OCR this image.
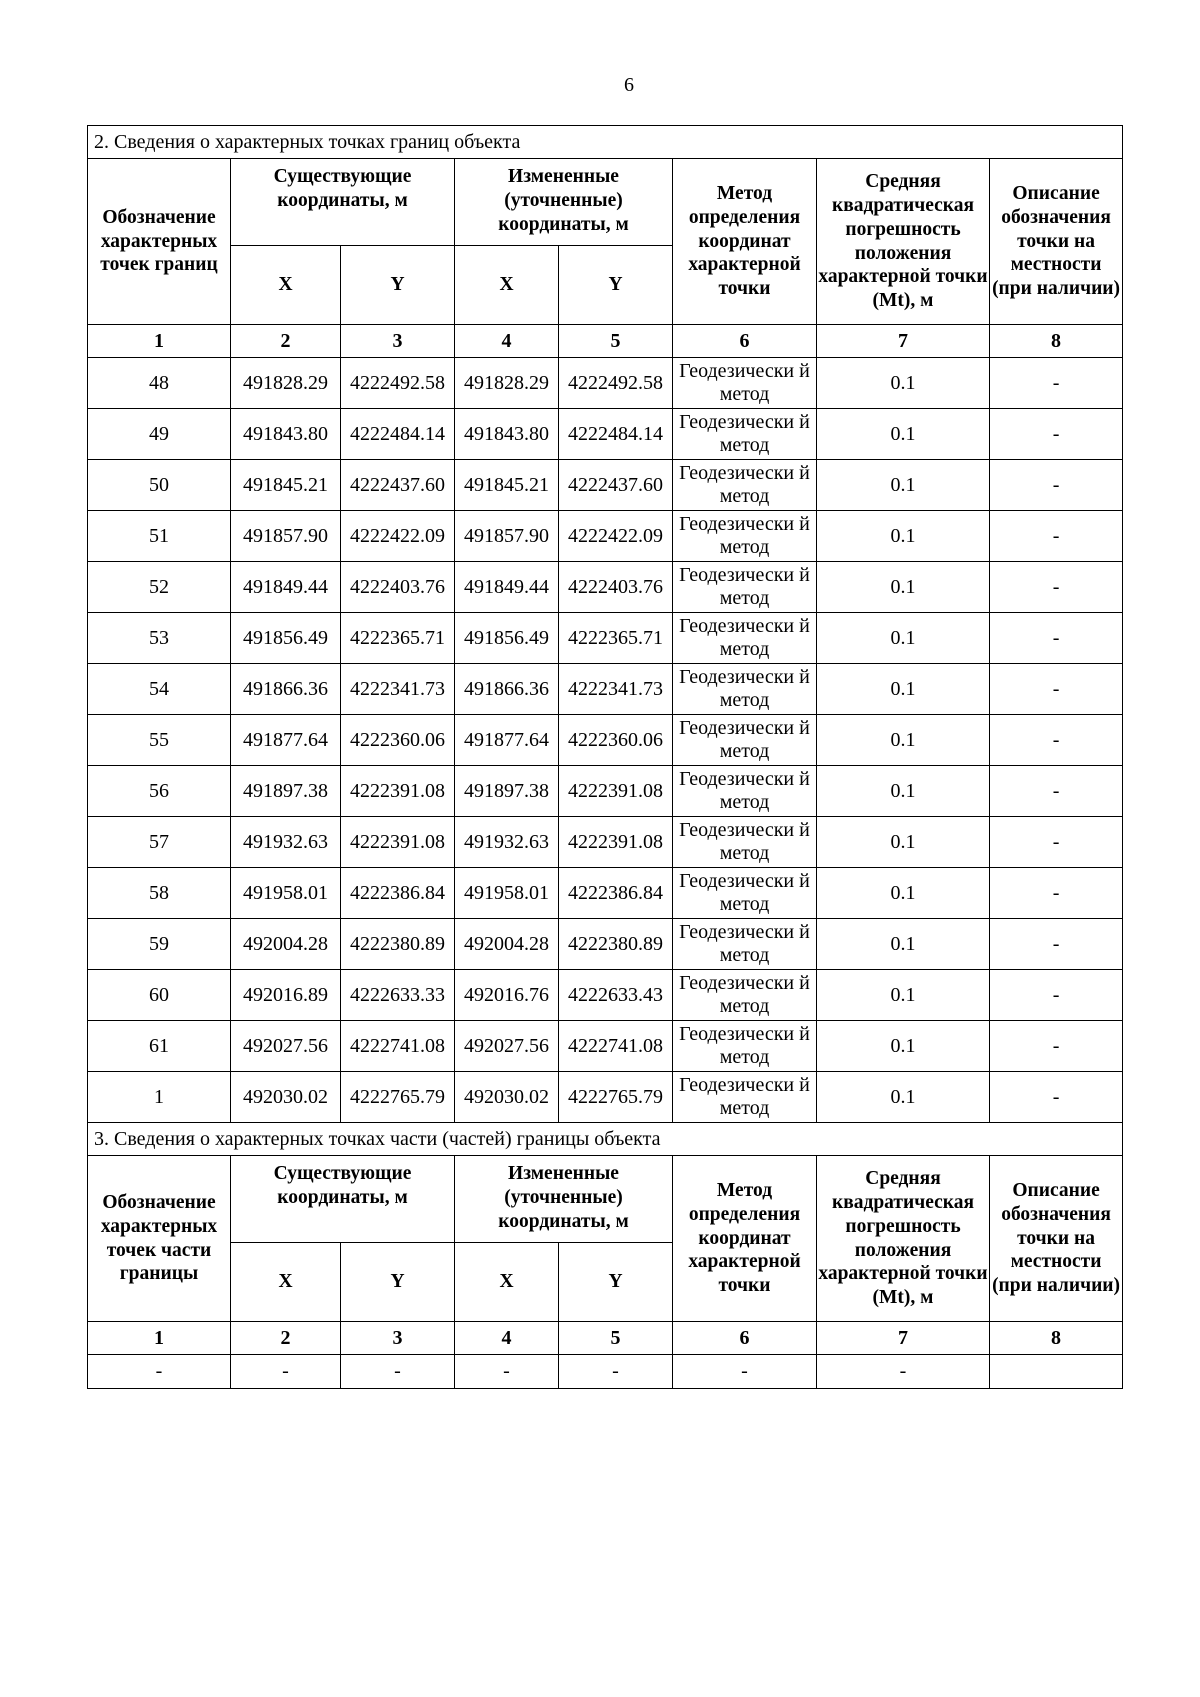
6
2. Сведения о характерных точках границ объекта							
Обозначение характерных точек границ	Существующие координаты, м		Измененные (уточненные) координаты, м		Метод определения координат характерной точки	Средняя квадратическая погрешность положения характерной точки (Mt), м	Описание обозначения точки на местности (при наличии)
	X	Y	X	Y			
1	2	3	4	5	6	7	8
48	491828.29	4222492.58	491828.29	4222492.58	Геодезически й метод	0.1	-
49	491843.80	4222484.14	491843.80	4222484.14	Геодезически й метод	0.1	-
50	491845.21	4222437.60	491845.21	4222437.60	Геодезически й метод	0.1	-
51	491857.90	4222422.09	491857.90	4222422.09	Геодезически й метод	0.1	-
52	491849.44	4222403.76	491849.44	4222403.76	Геодезически й метод	0.1	-
53	491856.49	4222365.71	491856.49	4222365.71	Геодезически й метод	0.1	-
54	491866.36	4222341.73	491866.36	4222341.73	Геодезически й метод	0.1	-
55	491877.64	4222360.06	491877.64	4222360.06	Геодезически й метод	0.1	-
56	491897.38	4222391.08	491897.38	4222391.08	Геодезически й метод	0.1	-
57	491932.63	4222391.08	491932.63	4222391.08	Геодезически й метод	0.1	-
58	491958.01	4222386.84	491958.01	4222386.84	Геодезически й метод	0.1	-
59	492004.28	4222380.89	492004.28	4222380.89	Геодезически й метод	0.1	-
60	492016.89	4222633.33	492016.76	4222633.43	Геодезически й метод	0.1	-
61	492027.56	4222741.08	492027.56	4222741.08	Геодезически й метод	0.1	-
1	492030.02	4222765.79	492030.02	4222765.79	Геодезически й метод	0.1	-
3. Сведения о характерных точках части (частей) границы объекта							
Обозначение характерных точек части границы	Существующие координаты, м		Измененные (уточненные) координаты, м		Метод определения координат характерной точки	Средняя квадратическая погрешность положения характерной точки (Mt), м	Описание обозначения точки на местности (при наличии)
	X	Y	X	Y			
1	2	3	4	5	6	7	8
-	-	-	-	-	-	-	
